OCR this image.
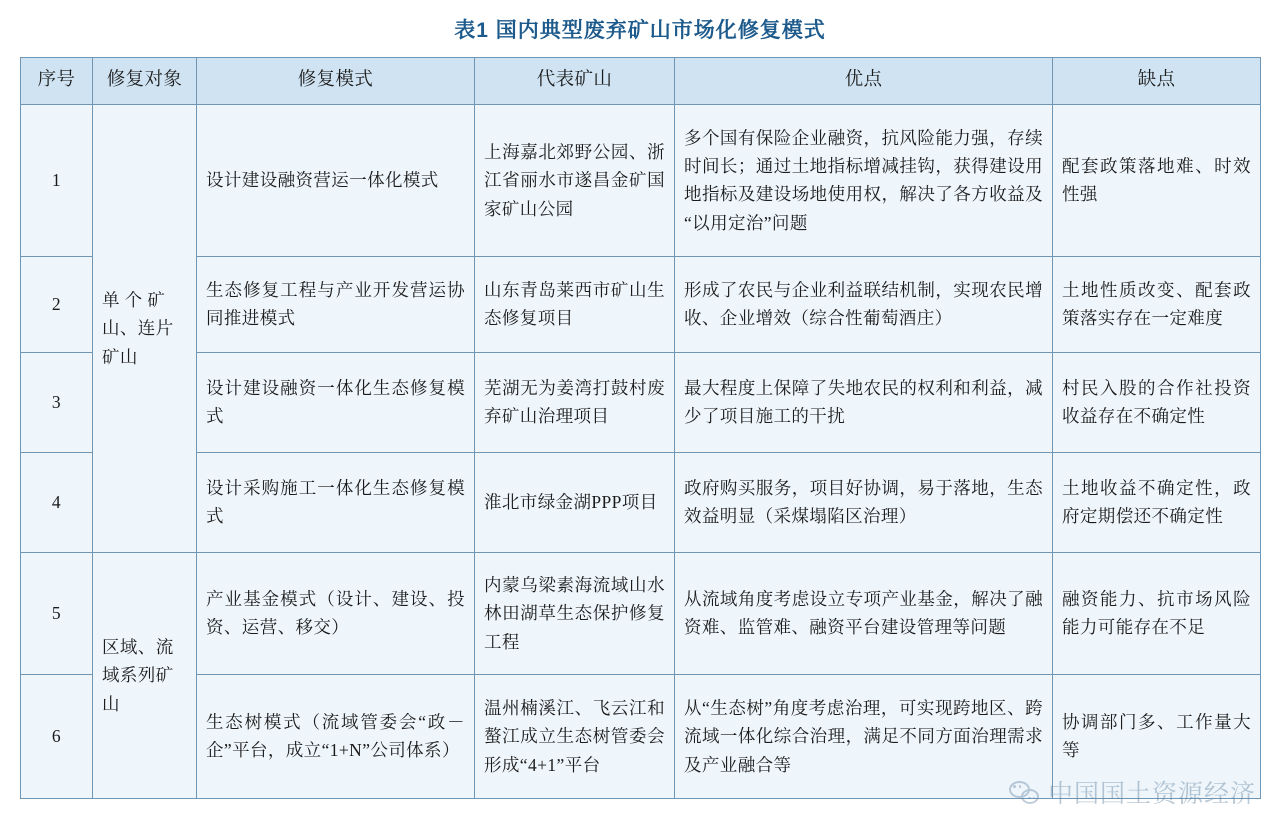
表1 国内典型废弃矿山市场化修复模式
序号	修复对象	修复模式	代表矿山	优点	缺点
1	单 个 矿山、连片矿山	设计建设融资营运一体化模式	上海嘉北郊野公园、浙江省丽水市遂昌金矿国家矿山公园	多个国有保险企业融资，抗风险能力强，存续时间长；通过土地指标增减挂钩，获得建设用地指标及建设场地使用权，解决了各方收益及“以用定治”问题	配套政策落地难、时效性强
2		生态修复工程与产业开发营运协同推进模式	山东青岛莱西市矿山生态修复项目	形成了农民与企业利益联结机制，实现农民增收、企业增效（综合性葡萄酒庄）	土地性质改变、配套政策落实存在一定难度
3		设计建设融资一体化生态修复模式	芜湖无为姜湾打鼓村废弃矿山治理项目	最大程度上保障了失地农民的权利和利益，减少了项目施工的干扰	村民入股的合作社投资收益存在不确定性
4		设计采购施工一体化生态修复模式	淮北市绿金湖PPP项目	政府购买服务，项目好协调，易于落地，生态效益明显（采煤塌陷区治理）	土地收益不确定性，政府定期偿还不确定性
5	区域、流域系列矿山	产业基金模式（设计、建设、投资、运营、移交）	内蒙乌梁素海流域山水林田湖草生态保护修复工程	从流域角度考虑设立专项产业基金，解决了融资难、监管难、融资平台建设管理等问题	融资能力、抗市场风险能力可能存在不足
6		生态树模式（流域管委会“政－企”平台，成立“1+N”公司体系）	温州楠溪江、飞云江和螯江成立生态树管委会形成“4+1”平台	从“生态树”角度考虑治理，可实现跨地区、跨流域一体化综合治理，满足不同方面治理需求及产业融合等	协调部门多、工作量大等
中国国土资源经济
